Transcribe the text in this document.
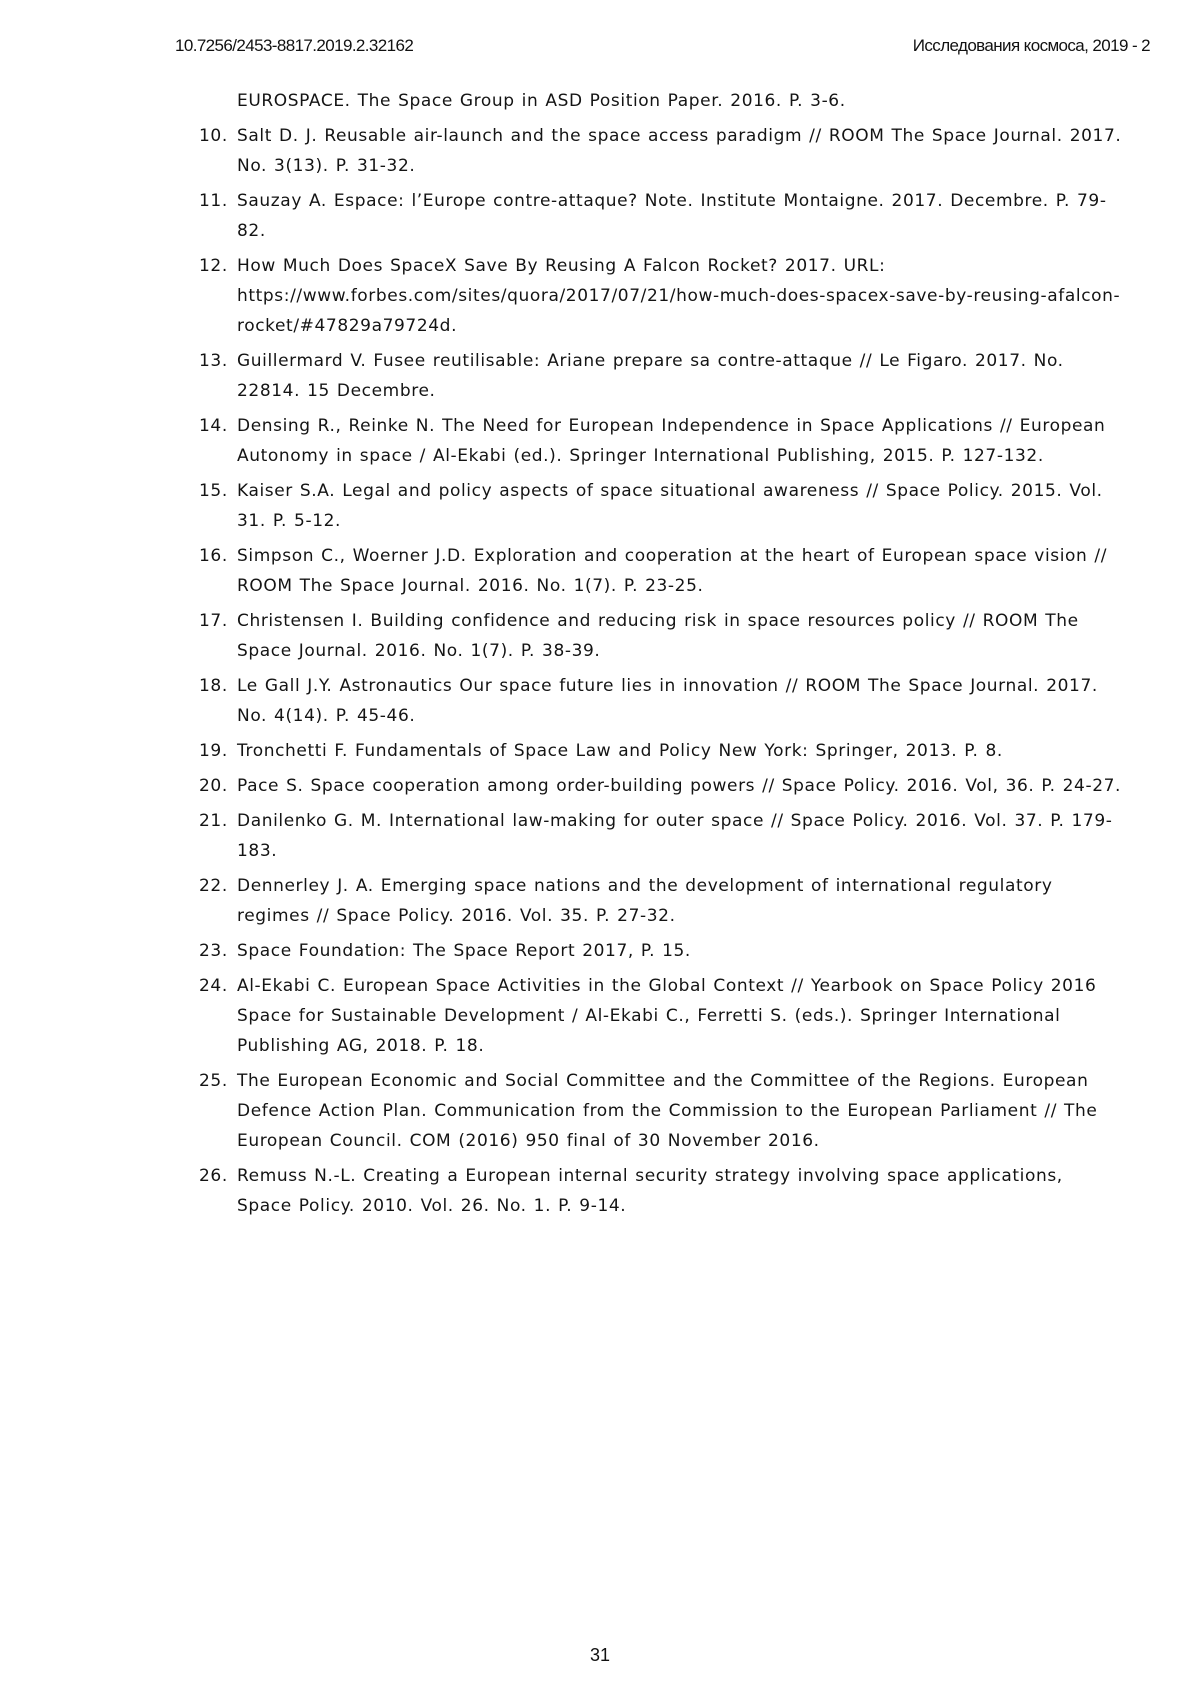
10.7256/2453-8817.2019.2.32162	Исследования космоса, 2019 - 2
EUROSPACE. The Space Group in ASD Position Paper. 2016. P. 3-6.
10. Salt D. J. Reusable air-launch and the space access paradigm // ROOM The Space Journal. 2017. No. 3(13). P. 31-32.
11. Sauzay A. Espace: l’Europe contre-attaque? Note. Institute Montaigne. 2017. Decembre. P. 79-82.
12. How Much Does SpaceX Save By Reusing A Falcon Rocket? 2017. URL: https://www.forbes.com/sites/quora/2017/07/21/how-much-does-spacex-save-by-reusing-afalcon-rocket/#47829a79724d.
13. Guillermard V. Fusee reutilisable: Ariane prepare sa contre-attaque // Le Figaro. 2017. No. 22814. 15 Decembre.
14. Densing R., Reinke N. The Need for European Independence in Space Applications // European Autonomy in space / Al-Ekabi (ed.). Springer International Publishing, 2015. P. 127-132.
15. Kaiser S.A. Legal and policy aspects of space situational awareness // Space Policy. 2015. Vol. 31. P. 5-12.
16. Simpson C., Woerner J.D. Exploration and cooperation at the heart of European space vision // ROOM The Space Journal. 2016. No. 1(7). P. 23-25.
17. Christensen I. Building confidence and reducing risk in space resources policy // ROOM The Space Journal. 2016. No. 1(7). P. 38-39.
18. Le Gall J.Y. Astronautics Our space future lies in innovation // ROOM The Space Journal. 2017. No. 4(14). P. 45-46.
19. Tronchetti F. Fundamentals of Space Law and Policy New York: Springer, 2013. P. 8.
20. Pace S. Space cooperation among order-building powers // Space Policy. 2016. Vol, 36. P. 24-27.
21. Danilenko G. M. International law-making for outer space // Space Policy. 2016. Vol. 37. P. 179-183.
22. Dennerley J. A. Emerging space nations and the development of international regulatory regimes // Space Policy. 2016. Vol. 35. P. 27-32.
23. Space Foundation: The Space Report 2017, P. 15.
24. Al-Ekabi C. European Space Activities in the Global Context // Yearbook on Space Policy 2016 Space for Sustainable Development / Al-Ekabi C., Ferretti S. (eds.). Springer International Publishing AG, 2018. P. 18.
25. The European Economic and Social Committee and the Committee of the Regions. European Defence Action Plan. Communication from the Commission to the European Parliament // The European Council. COM (2016) 950 final of 30 November 2016.
26. Remuss N.-L. Creating a European internal security strategy involving space applications, Space Policy. 2010. Vol. 26. No. 1. P. 9-14.
31
